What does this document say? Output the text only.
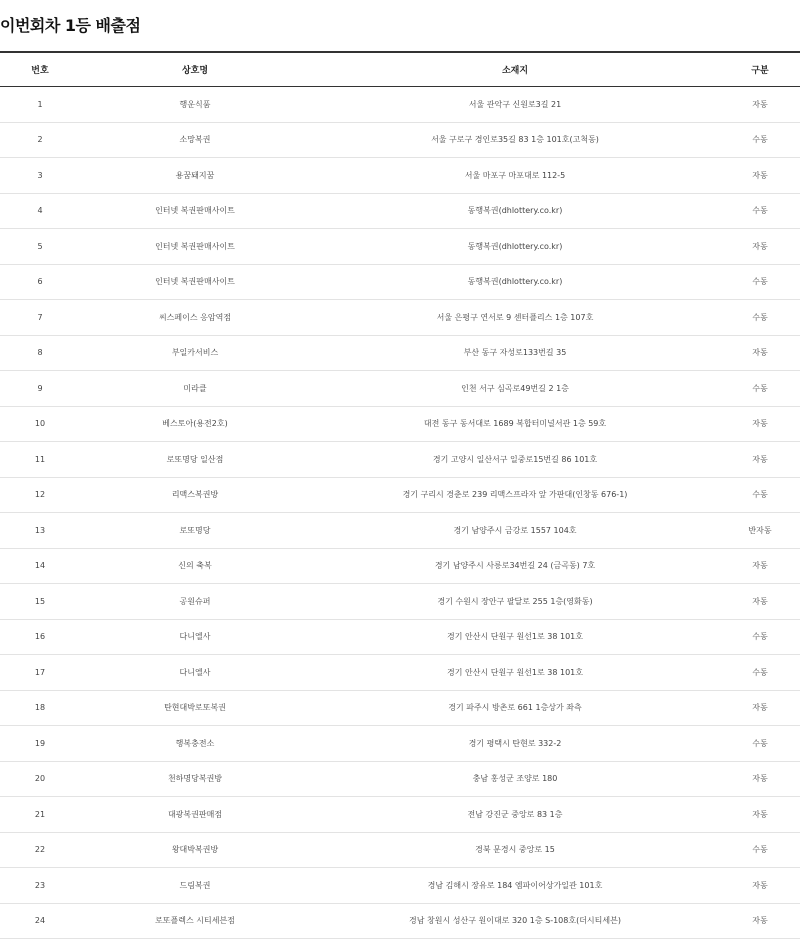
이번회차 1등 배출점
번호	상호명	소재지	구분
1	행운식품	서울 관악구 신원로3길 21	자동
2	소망복권	서울 구로구 경인로35길 83 1층 101호(고척동)	수동
3	용꿈돼지꿈	서울 마포구 마포대로 112-5	자동
4	인터넷 복권판매사이트	동행복권(dhlottery.co.kr)	수동
5	인터넷 복권판매사이트	동행복권(dhlottery.co.kr)	자동
6	인터넷 복권판매사이트	동행복권(dhlottery.co.kr)	수동
7	씨스페이스 응암역점	서울 은평구 연서로 9 센터플리스 1층 107호	수동
8	부일카서비스	부산 동구 자성로133번길 35	자동
9	미라클	인천 서구 심곡로49번길 2 1층	수동
10	베스토아(용전2호)	대전 동구 동서대로 1689 복합터미널서관 1층 59호	자동
11	로또명당 일산점	경기 고양시 일산서구 일중로15번길 86 101호	자동
12	리맥스복권방	경기 구리시 경춘로 239 리맥스프라자 앞 가판대(인창동 676-1)	수동
13	로또명당	경기 남양주시 금강로 1557 104호	반자동
14	신의 축복	경기 남양주시 사릉로34번길 24 (금곡동) 7호	자동
15	공원슈퍼	경기 수원시 장안구 팔달로 255 1층(영화동)	자동
16	다니엘사	경기 안산시 단원구 원선1로 38 101호	수동
17	다니엘사	경기 안산시 단원구 원선1로 38 101호	수동
18	탄현대박로또복권	경기 파주시 방촌로 661 1층상가 좌측	자동
19	행복충전소	경기 평택시 탄현로 332-2	수동
20	천하명당복권방	충남 홍성군 조양로 180	자동
21	대광복권판매점	전남 강진군 중앙로 83 1층	자동
22	왕대박복권방	경북 문경시 중앙로 15	수동
23	드림복권	경남 김해시 장유로 184 엠파이어상가일관 101호	자동
24	로또플렉스 시티세븐점	경남 창원시 성산구 원이대로 320 1층 S-108호(더시티세븐)	자동
